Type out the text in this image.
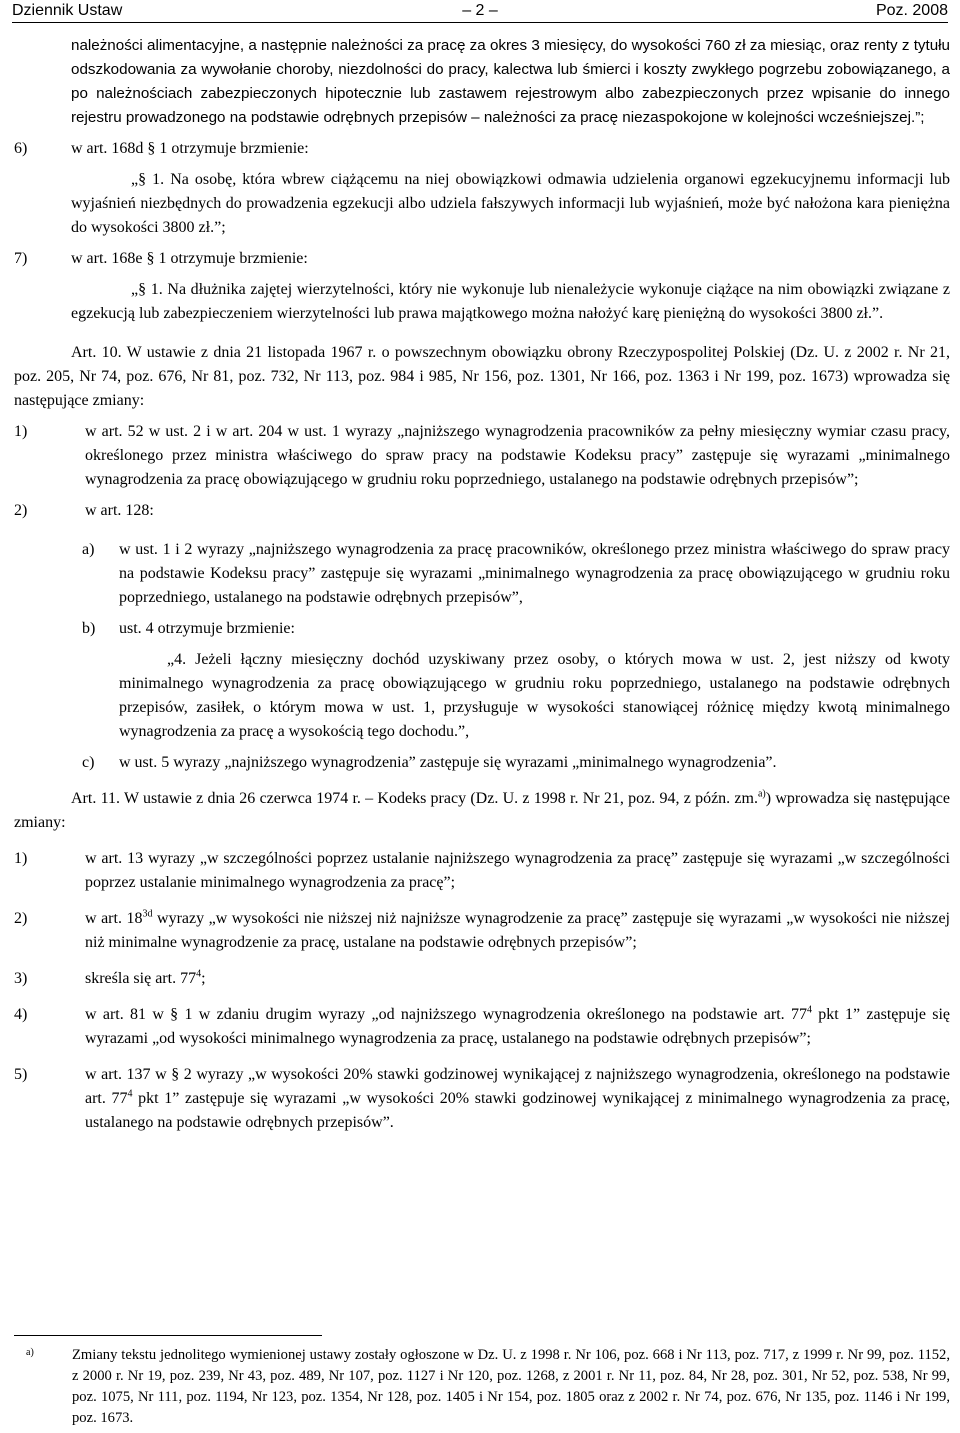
Dziennik Ustaw	– 2 –	Poz. 2008
należności alimentacyjne, a następnie należności za pracę za okres 3 miesięcy, do wysokości 760 zł za miesiąc, oraz renty z tytułu odszkodowania za wywołanie choroby, niezdolności do pracy, kalectwa lub śmierci i koszty zwykłego pogrzebu zobowiązanego, a po należnościach zabezpieczonych hipotecznie lub zastawem rejestrowym albo zabezpieczonych przez wpisanie do innego rejestru prowadzonego na podstawie odrębnych przepisów – należności za pracę niezaspokojone w kolejności wcześniejszej.”;
6)	w art. 168d § 1 otrzymuje brzmienie:
„§ 1. Na osobę, która wbrew ciążącemu na niej obowiązkowi odmawia udzielenia organowi egzekucyjnemu informacji lub wyjaśnień niezbędnych do prowadzenia egzekucji albo udziela fałszywych informacji lub wyjaśnień, może być nałożona kara pieniężna do wysokości 3800 zł.”;
7)	w art. 168e § 1 otrzymuje brzmienie:
„§ 1. Na dłużnika zajętej wierzytelności, który nie wykonuje lub nienależycie wykonuje ciążące na nim obowiązki związane z egzekucją lub zabezpieczeniem wierzytelności lub prawa majątkowego można nałożyć karę pieniężną do wysokości 3800 zł.”.
Art. 10. W ustawie z dnia 21 listopada 1967 r. o powszechnym obowiązku obrony Rzeczypospolitej Polskiej (Dz. U. z 2002 r. Nr 21, poz. 205, Nr 74, poz. 676, Nr 81, poz. 732, Nr 113, poz. 984 i 985, Nr 156, poz. 1301, Nr 166, poz. 1363 i Nr 199, poz. 1673) wprowadza się następujące zmiany:
1)	w art. 52 w ust. 2 i w art. 204 w ust. 1 wyrazy „najniższego wynagrodzenia pracowników za pełny miesięczny wymiar czasu pracy, określonego przez ministra właściwego do spraw pracy na podstawie Kodeksu pracy” zastępuje się wyrazami „minimalnego wynagrodzenia za pracę obowiązującego w grudniu roku poprzedniego, ustalanego na podstawie odrębnych przepisów”;
2)	w art. 128:
a)	w ust. 1 i 2 wyrazy „najniższego wynagrodzenia za pracę pracowników, określonego przez ministra właściwego do spraw pracy na podstawie Kodeksu pracy” zastępuje się wyrazami „minimalnego wynagrodzenia za pracę obowiązującego w grudniu roku poprzedniego, ustalanego na podstawie odrębnych przepisów”,
b)	ust. 4 otrzymuje brzmienie:
„4. Jeżeli łączny miesięczny dochód uzyskiwany przez osoby, o których mowa w ust. 2, jest niższy od kwoty minimalnego wynagrodzenia za pracę obowiązującego w grudniu roku poprzedniego, ustalanego na podstawie odrębnych przepisów, zasiłek, o którym mowa w ust. 1, przysługuje w wysokości stanowiącej różnicę między kwotą minimalnego wynagrodzenia za pracę a wysokością tego dochodu.”,
c)	w ust. 5 wyrazy „najniższego wynagrodzenia” zastępuje się wyrazami „minimalnego wynagrodzenia”.
Art. 11. W ustawie z dnia 26 czerwca 1974 r. – Kodeks pracy (Dz. U. z 1998 r. Nr 21, poz. 94, z późn. zm.$^{a)}$) wprowadza się następujące zmiany:
1)	w art. 13 wyrazy „w szczególności poprzez ustalanie najniższego wynagrodzenia za pracę” zastępuje się wyrazami „w szczególności poprzez ustalanie minimalnego wynagrodzenia za pracę”;
2)	w art. $18^{3d}$ wyrazy „w wysokości nie niższej niż najniższe wynagrodzenie za pracę” zastępuje się wyrazami „w wysokości nie niższej niż minimalne wynagrodzenie za pracę, ustalane na podstawie odrębnych przepisów”;
3)	skreśla się art. $77^4$;
4)	w art. 81 w § 1 w zdaniu drugim wyrazy „od najniższego wynagrodzenia określonego na podstawie art. $77^4$ pkt 1” zastępuje się wyrazami „od wysokości minimalnego wynagrodzenia za pracę, ustalanego na podstawie odrębnych przepisów”;
5)	w art. 137 w § 2 wyrazy „w wysokości 20% stawki godzinowej wynikającej z najniższego wynagrodzenia, określonego na podstawie art. $77^4$ pkt 1” zastępuje się wyrazami „w wysokości 20% stawki godzinowej wynikającej z minimalnego wynagrodzenia za pracę, ustalanego na podstawie odrębnych przepisów”.
a)	Zmiany tekstu jednolitego wymienionej ustawy zostały ogłoszone w Dz. U. z 1998 r. Nr 106, poz. 668 i Nr 113, poz. 717, z 1999 r. Nr 99, poz. 1152, z 2000 r. Nr 19, poz. 239, Nr 43, poz. 489, Nr 107, poz. 1127 i Nr 120, poz. 1268, z 2001 r. Nr 11, poz. 84, Nr 28, poz. 301, Nr 52, poz. 538, Nr 99, poz. 1075, Nr 111, poz. 1194, Nr 123, poz. 1354, Nr 128, poz. 1405 i Nr 154, poz. 1805 oraz z 2002 r. Nr 74, poz. 676, Nr 135, poz. 1146 i Nr 199, poz. 1673.
